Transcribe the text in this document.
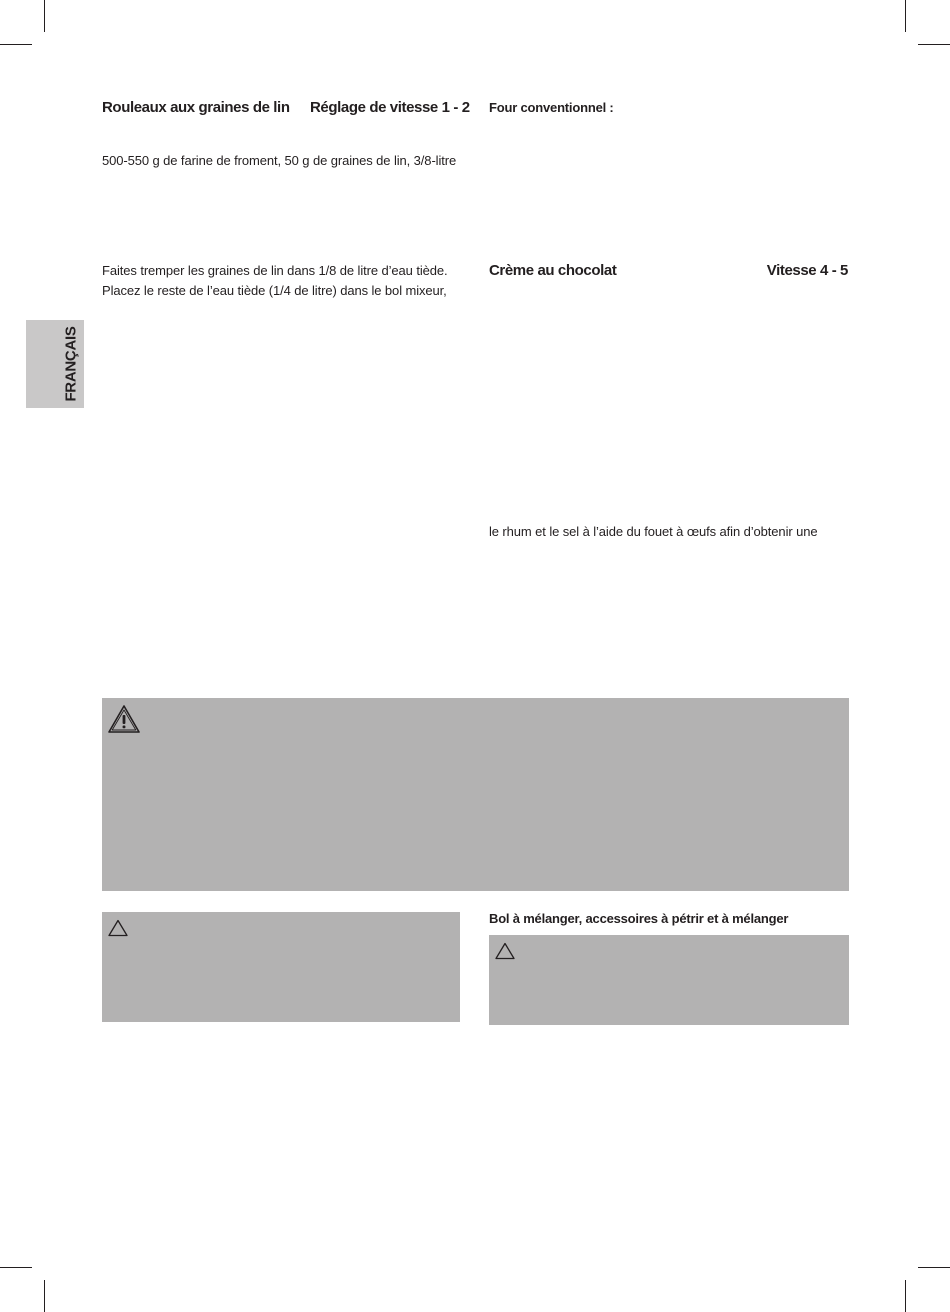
FRANÇAIS
Rouleaux aux graines de lin Réglage de vitesse 1 - 2
500-550 g de farine de froment, 50 g de graines de lin, 3/8-litre
Faites tremper les graines de lin dans 1/8 de litre d’eau tiède.
Placez le reste de l’eau tiède (1/4 de litre) dans le bol mixeur,
Four conventionnel :
Crème au chocolat	Vitesse 4 - 5
le rhum et le sel à l’aide du fouet à œufs afin d’obtenir une
Bol à mélanger, accessoires à pétrir et à mélanger
